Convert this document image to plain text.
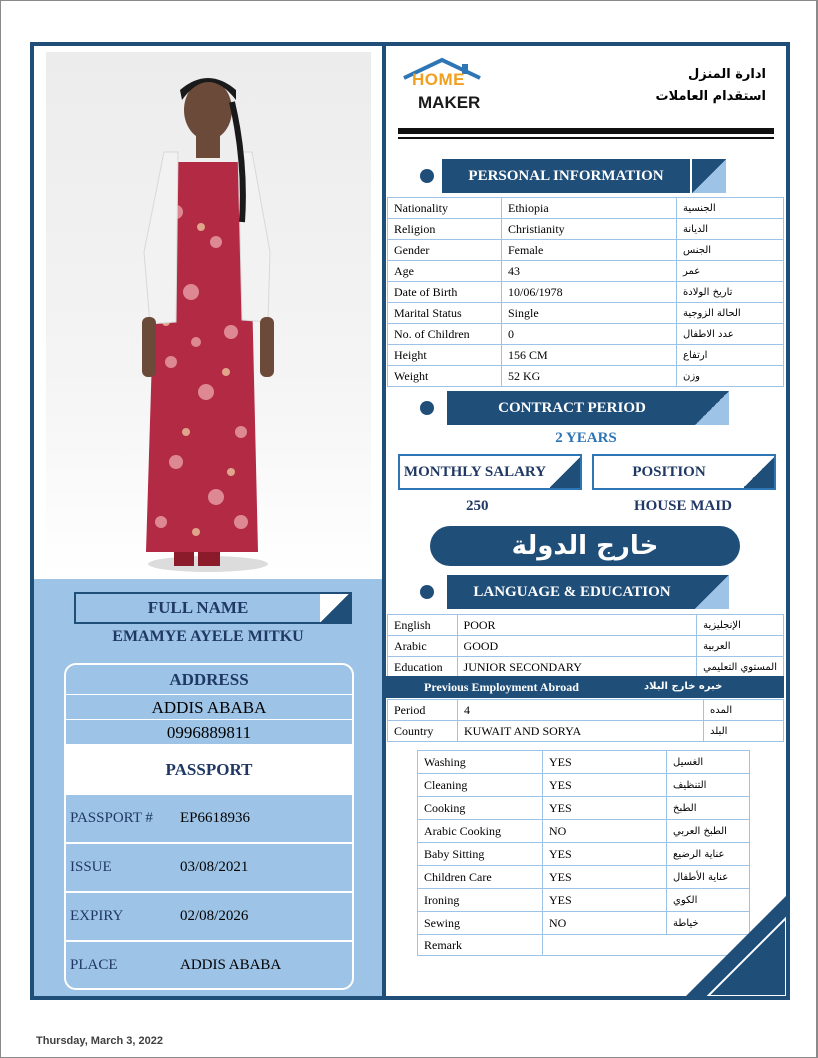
FULL NAME
EMAMYE AYELE MITKU
ADDRESS
ADDIS ABABA
0996889811
PASSPORT
PASSPORT # EP6618936
ISSUE	03/08/2021
EXPIRY	02/08/2026
PLACE	ADDIS ABABA
HOME
MAKER
ادارة المنزل
استقدام العاملات
PERSONAL INFORMATION
Nationality	Ethiopia	الجنسية
Religion	Christianity	الديانة
Gender	Female	الجنس
Age	43	عمر
Date of Birth	10/06/1978	تاريخ الولادة
Marital Status	Single	الحالة الزوجية
No. of Children	0	عدد الاطفال
Height	156 CM	ارتفاع
Weight	52 KG	وزن
CONTRACT PERIOD
2 YEARS
MONTHLY SALARY	POSITION
250	HOUSE MAID
خارج الدولة
LANGUAGE & EDUCATION
English	POOR	الإنجليزية
Arabic	GOOD	العربية
Education	JUNIOR SECONDARY	المستوي التعليمي
Previous Employment Abroad	خبره خارج البلاد
Period	4	المده
Country	KUWAIT AND SORYA	البلد
Washing	YES	الغسيل
Cleaning	YES	التنظيف
Cooking	YES	الطبخ
Arabic Cooking	NO	الطبخ العربي
Baby Sitting	YES	عناية الرضيع
Children Care	YES	عناية الأطفال
Ironing	YES	الكوي
Sewing	NO	خياطة
Remark		
Thursday, March 3, 2022
